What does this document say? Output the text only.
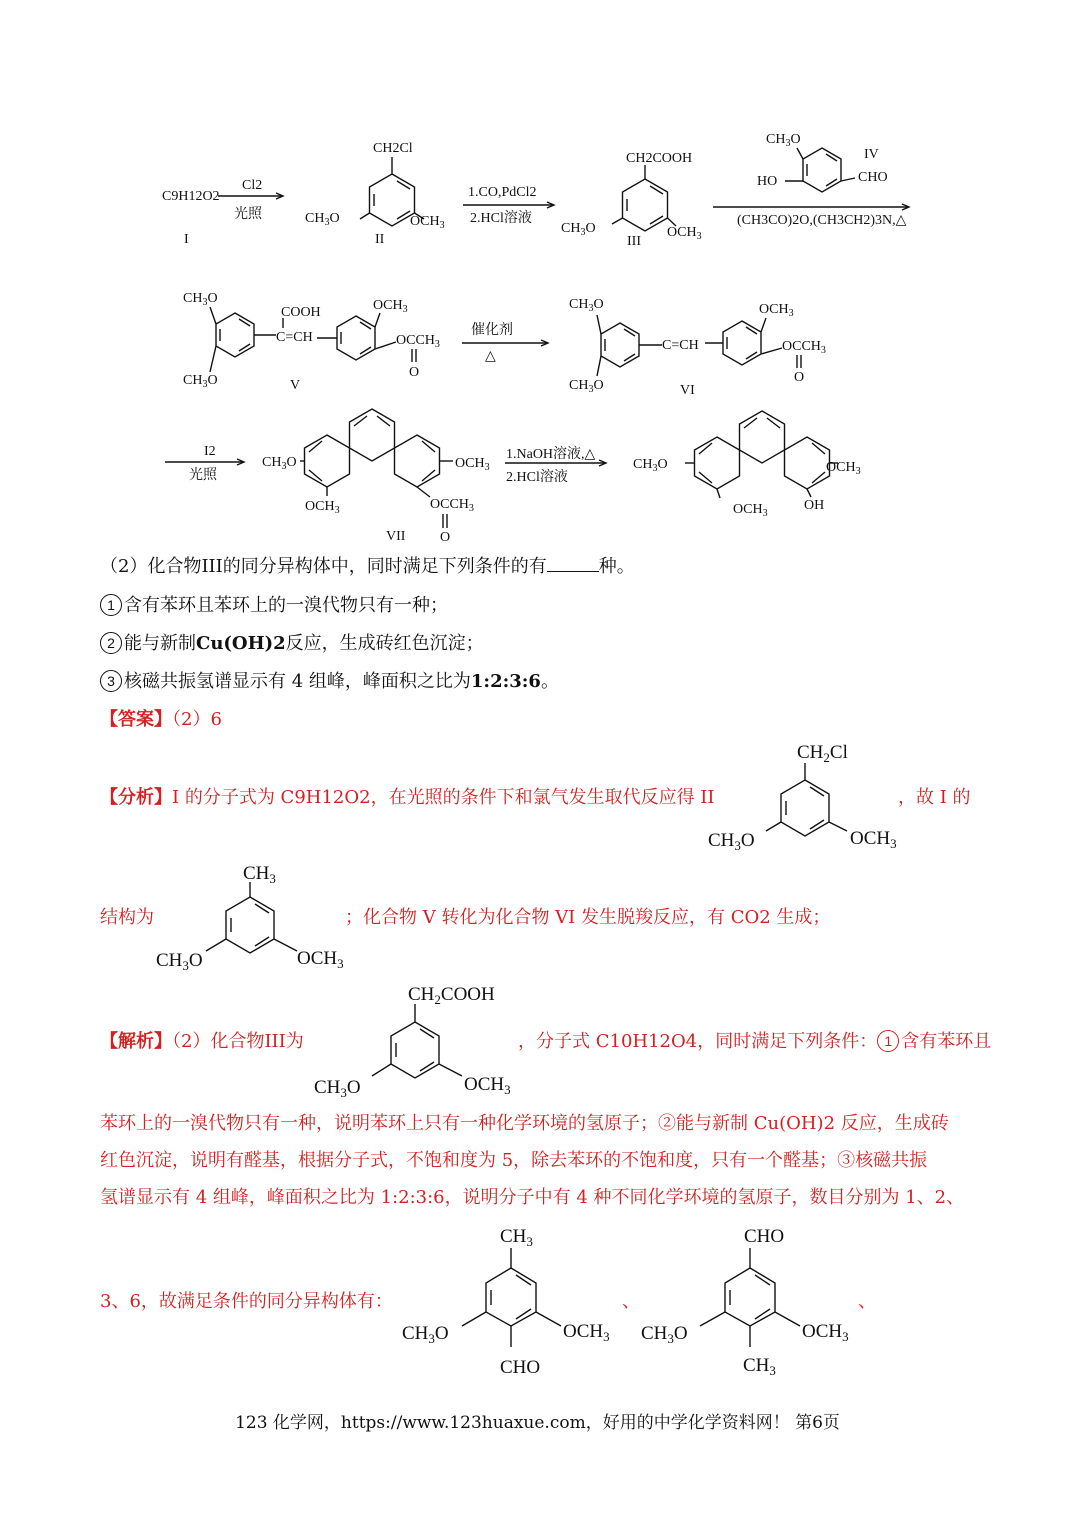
C9H12O2
I
Cl2
光照
CH2Cl
$CH_3O$	$OCH_3$
II
1.CO,PdCl2
2.HCl溶液
CH2COOH
$CH_3O$	$OCH_3$
III
$CH_3O$
IV
HO	CHO
(CH3CO)2O,(CH3CH2)3N,△
$CH_3O$
$CH_3O$
COOH
C=CH
$OCH_3$
$OCCH_3$
O
V
催化剂
△
$CH_3O$
$CH_3O$
C=CH
$OCH_3$
$OCCH_3$
O
VI
I2
光照
$CH_3O$	$OCH_3$
$OCH_3$	$OCCH_3$
O
VII
1.NaOH溶液,△
2.HCl溶液
$CH_3O$	$OCH_3$
$OCH_3$
OH
$CH_2Cl$
$CH_3O$	$OCH_3$
$CH_3$
$CH_3O$	$OCH_3$
$CH_2COOH$
$CH_3O$	$OCH_3$
$CH_3$
$CH_3O$	$OCH_3$
CHO
CHO
$CH_3O$	$OCH_3$
$CH_3$
（2）化合物III的同分异构体中，同时满足下列条件的有	种。
1 含有苯环且苯环上的一溴代物只有一种；
2 能与新制Cu(OH)2反应，生成砖红色沉淀；
3 核磁共振氢谱显示有 4 组峰，峰面积之比为1:2:3:6。
【答案】（2）6
【分析】I 的分子式为 C9H12O2，在光照的条件下和氯气发生取代反应得 II	，故 I 的
结构为	；化合物 V 转化为化合物 VI 发生脱羧反应，有 CO2 生成；
【解析】（2）化合物III为	，分子式 C10H12O4，同时满足下列条件： 1 含有苯环且
苯环上的一溴代物只有一种，说明苯环上只有一种化学环境的氢原子；②能与新制 Cu(OH)2 反应，生成砖
红色沉淀，说明有醛基，根据分子式，不饱和度为 5，除去苯环的不饱和度，只有一个醛基；③核磁共振
氢谱显示有 4 组峰，峰面积之比为 1:2:3:6，说明分子中有 4 种不同化学环境的氢原子，数目分别为 1、2、
3、6，故满足条件的同分异构体有：	、	、
123 化学网，https://www.123huaxue.com，好用的中学化学资料网！ 第6页
